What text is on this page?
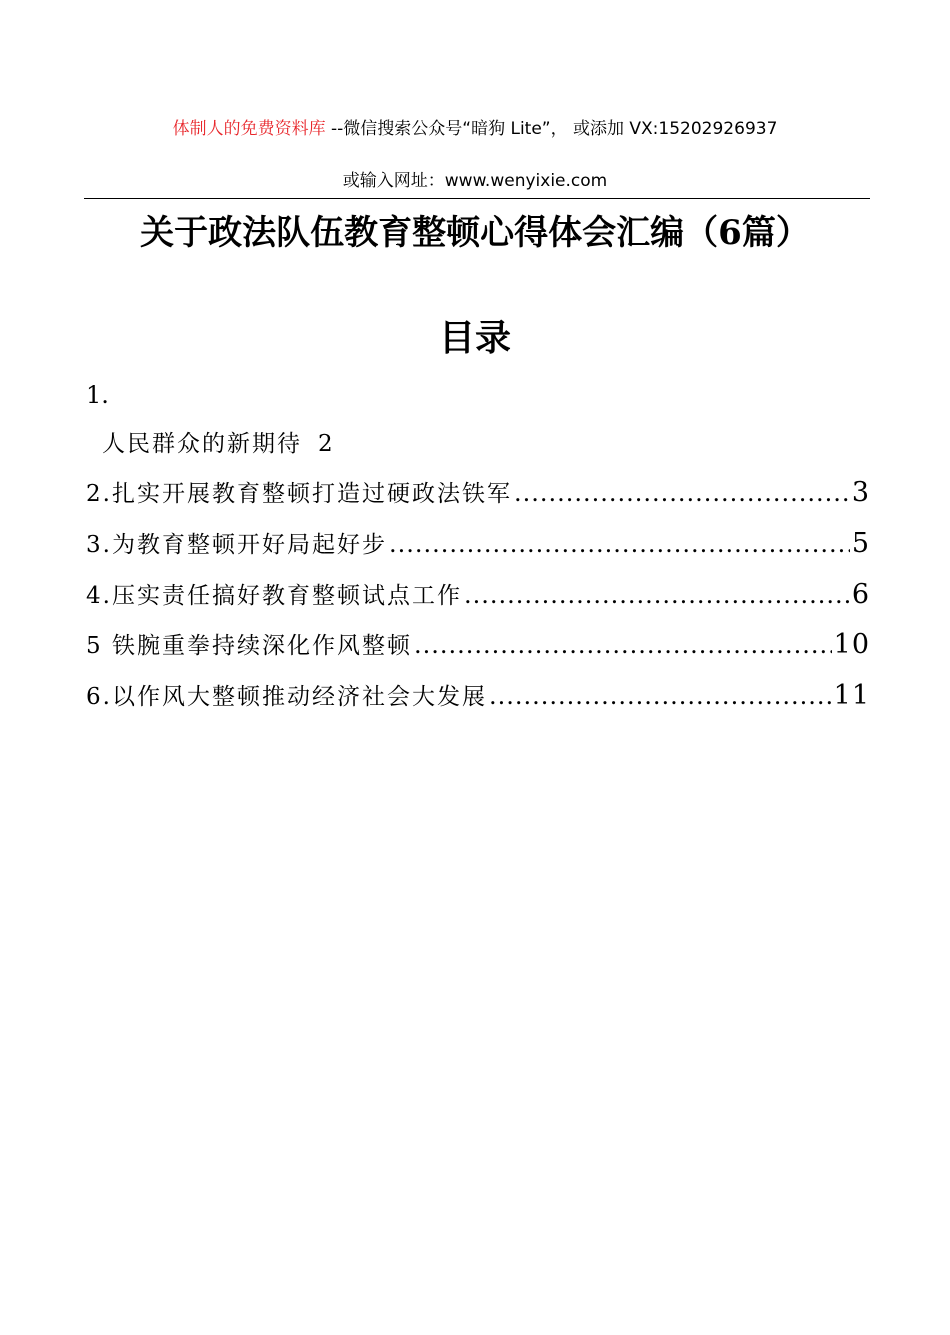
体制人的免费资料库 --微信搜索公众号“暗狗 Lite”， 或添加 VX:15202926937
或输入网址：www.wenyixie.com
关于政法队伍教育整顿心得体会汇编（6篇）
目录
1.
人民群众的新期待 2
2.扎实开展教育整顿打造过硬政法铁军 .....	3
3.为教育整顿开好局起好步 .....	5
4.压实责任搞好教育整顿试点工作 .....	6
5 铁腕重拳持续深化作风整顿 .....	10
6.以作风大整顿推动经济社会大发展 .....	11
